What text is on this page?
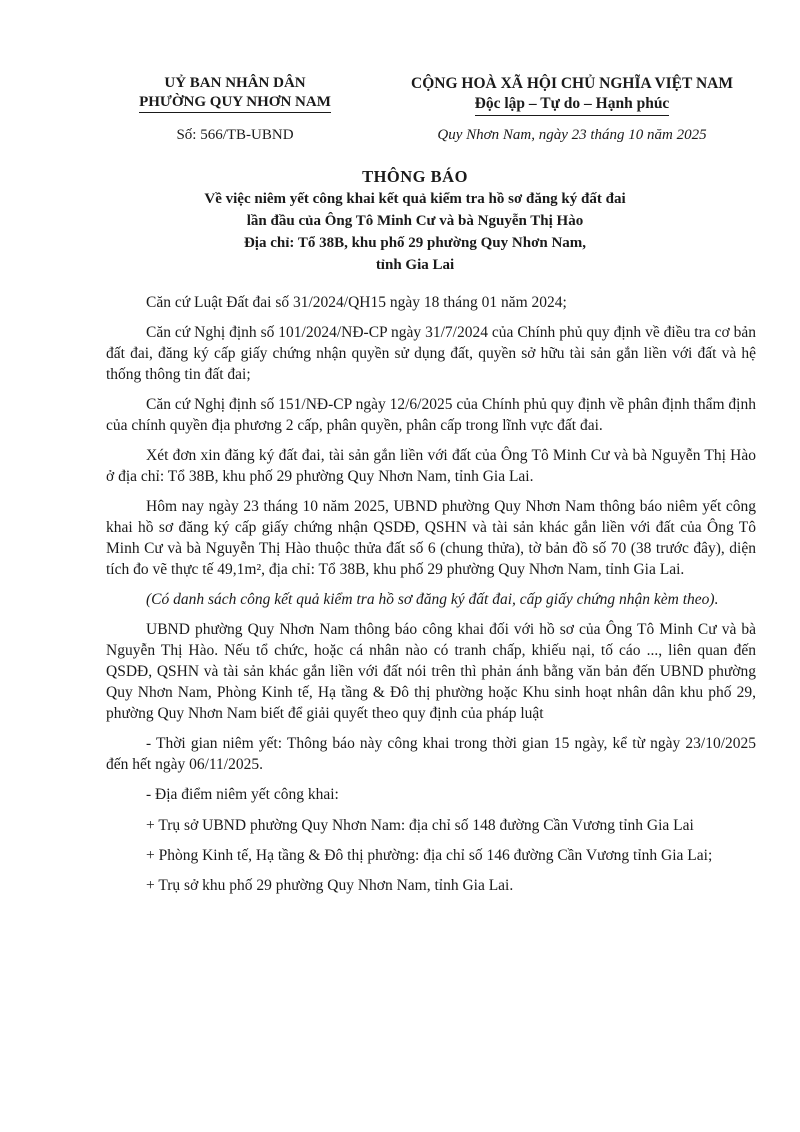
UỶ BAN NHÂN DÂN
PHƯỜNG QUY NHƠN NAM
CỘNG HOÀ XÃ HỘI CHỦ NGHĨA VIỆT NAM
Độc lập – Tự do – Hạnh phúc
Số: 566/TB-UBND	Quy Nhơn Nam, ngày 23 tháng 10 năm 2025
THÔNG BÁO
Về việc niêm yết công khai kết quả kiểm tra hồ sơ đăng ký đất đai
lần đầu của Ông Tô Minh Cư và bà Nguyễn Thị Hào
Địa chỉ: Tổ 38B, khu phố 29 phường Quy Nhơn Nam,
tỉnh Gia Lai

Căn cứ Luật Đất đai số 31/2024/QH15 ngày 18 tháng 01 năm 2024;

Căn cứ Nghị định số 101/2024/NĐ-CP ngày 31/7/2024 của Chính phủ quy định về điều tra cơ bản đất đai, đăng ký cấp giấy chứng nhận quyền sử dụng đất, quyền sở hữu tài sản gắn liền với đất và hệ thống thông tin đất đai;

Căn cứ Nghị định số 151/NĐ-CP ngày 12/6/2025 của Chính phủ quy định về phân định thẩm định của chính quyền địa phương 2 cấp, phân quyền, phân cấp trong lĩnh vực đất đai.

Xét đơn xin đăng ký đất đai, tài sản gắn liền với đất của Ông Tô Minh Cư và bà Nguyễn Thị Hào ở địa chỉ: Tổ 38B, khu phố 29 phường Quy Nhơn Nam, tỉnh Gia Lai.

Hôm nay ngày 23 tháng 10 năm 2025, UBND phường Quy Nhơn Nam thông báo niêm yết công khai hồ sơ đăng ký cấp giấy chứng nhận QSDĐ, QSHN và tài sản khác gắn liền với đất của Ông Tô Minh Cư và bà Nguyễn Thị Hào thuộc thửa đất số 6 (chung thửa), tờ bản đồ số 70 (38 trước đây), diện tích đo vẽ thực tế 49,1m², địa chỉ: Tổ 38B, khu phố 29 phường Quy Nhơn Nam, tỉnh Gia Lai.

(Có danh sách công kết quả kiểm tra hồ sơ đăng ký đất đai, cấp giấy chứng nhận kèm theo).

UBND phường Quy Nhơn Nam thông báo công khai đối với hồ sơ của Ông Tô Minh Cư và bà Nguyễn Thị Hào. Nếu tổ chức, hoặc cá nhân nào có tranh chấp, khiếu nại, tố cáo ..., liên quan đến QSDĐ, QSHN và tài sản khác gắn liền với đất nói trên thì phản ánh bằng văn bản đến UBND phường Quy Nhơn Nam, Phòng Kinh tế, Hạ tầng & Đô thị phường hoặc Khu sinh hoạt nhân dân khu phố 29, phường Quy Nhơn Nam biết để giải quyết theo quy định của pháp luật

- Thời gian niêm yết: Thông báo này công khai trong thời gian 15 ngày, kể từ ngày 23/10/2025 đến hết ngày 06/11/2025.

- Địa điểm niêm yết công khai:

+ Trụ sở UBND phường Quy Nhơn Nam: địa chỉ số 148 đường Cần Vương tỉnh Gia Lai

+ Phòng Kinh tế, Hạ tầng & Đô thị phường: địa chỉ số 146 đường Cần Vương tỉnh Gia Lai;

+ Trụ sở khu phố 29 phường Quy Nhơn Nam, tỉnh Gia Lai.
